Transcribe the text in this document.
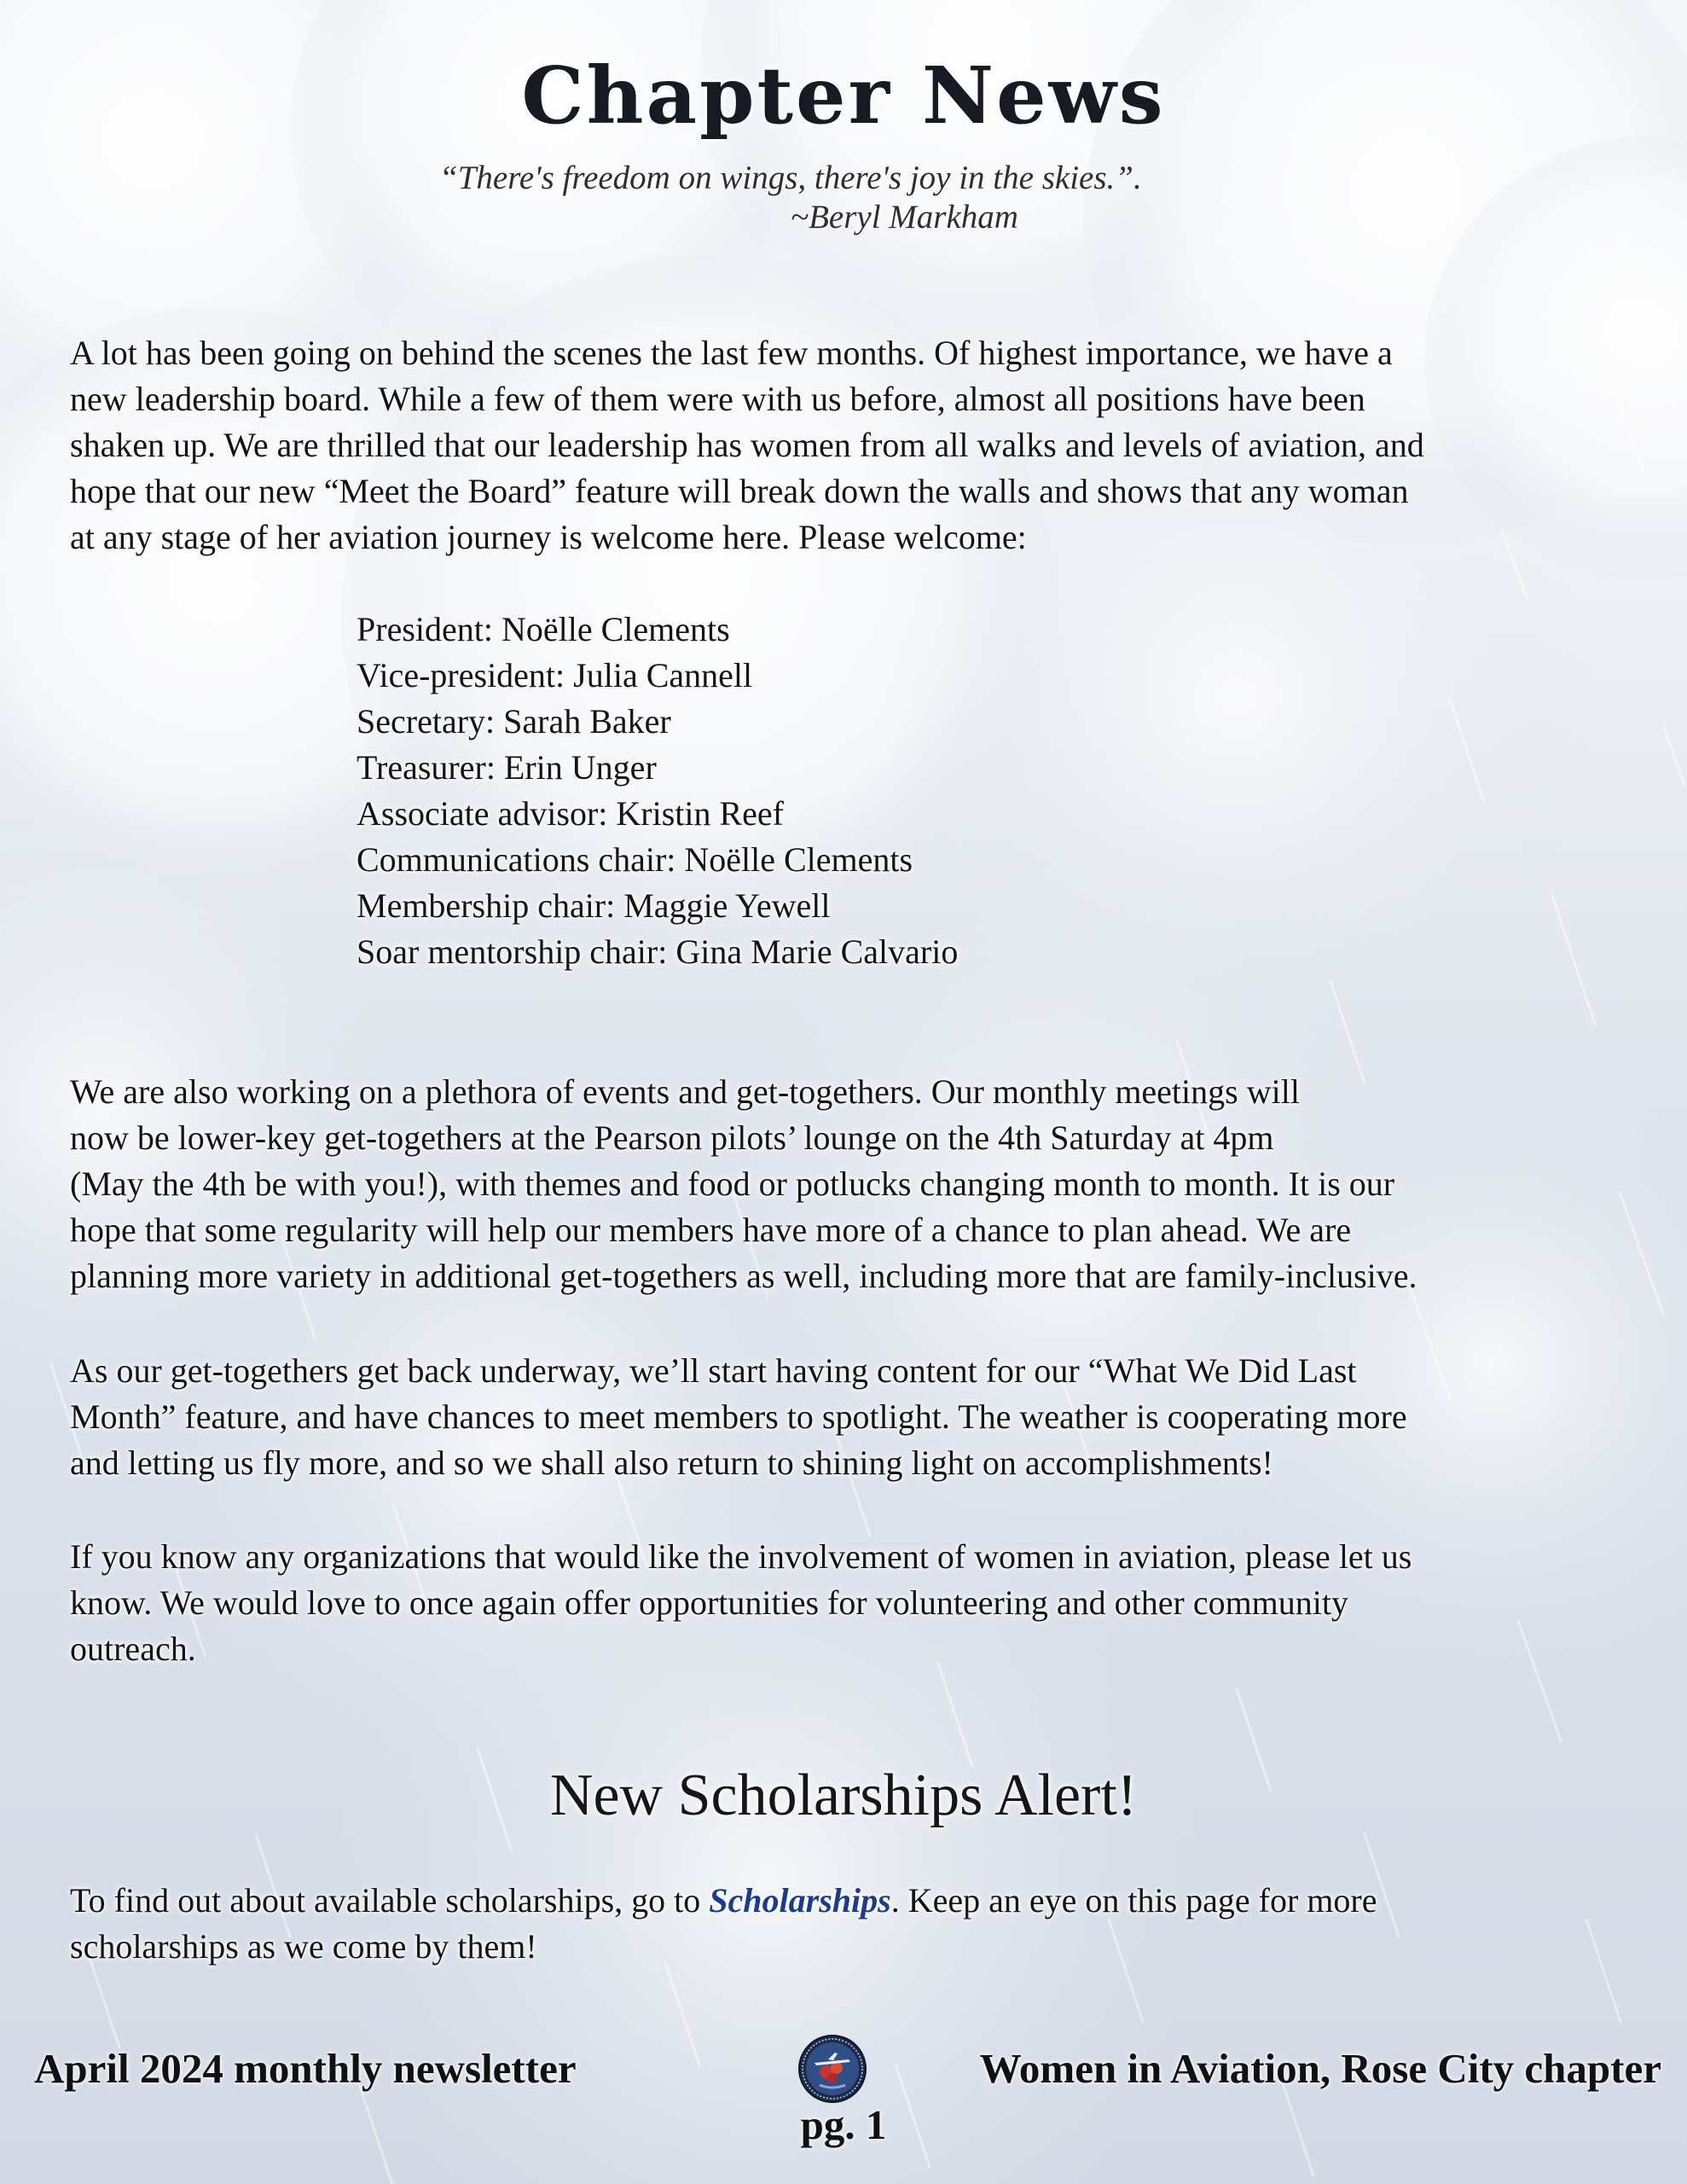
Chapter News
“There's freedom on wings, there's joy in the skies.”.
~Beryl Markham
A lot has been going on behind the scenes the last few months. Of highest importance, we have a
new leadership board. While a few of them were with us before, almost all positions have been
shaken up. We are thrilled that our leadership has women from all walks and levels of aviation, and
hope that our new “Meet the Board” feature will break down the walls and shows that any woman
at any stage of her aviation journey is welcome here. Please welcome:
President: Noëlle Clements
Vice-president: Julia Cannell
Secretary: Sarah Baker
Treasurer: Erin Unger
Associate advisor: Kristin Reef
Communications chair: Noëlle Clements
Membership chair: Maggie Yewell
Soar mentorship chair: Gina Marie Calvario
We are also working on a plethora of events and get-togethers. Our monthly meetings will
now be lower-key get-togethers at the Pearson pilots’ lounge on the 4th Saturday at 4pm
(May the 4th be with you!), with themes and food or potlucks changing month to month. It is our
hope that some regularity will help our members have more of a chance to plan ahead. We are
planning more variety in additional get-togethers as well, including more that are family-inclusive.
As our get-togethers get back underway, we’ll start having content for our “What We Did Last
Month” feature, and have chances to meet members to spotlight. The weather is cooperating more
and letting us fly more, and so we shall also return to shining light on accomplishments!
If you know any organizations that would like the involvement of women in aviation, please let us
know. We would love to once again offer opportunities for volunteering and other community
outreach.
New Scholarships Alert!
To find out about available scholarships, go to Scholarships. Keep an eye on this page for more
scholarships as we come by them!
April 2024 monthly newsletter	Women in Aviation, Rose City chapter
pg. 1
